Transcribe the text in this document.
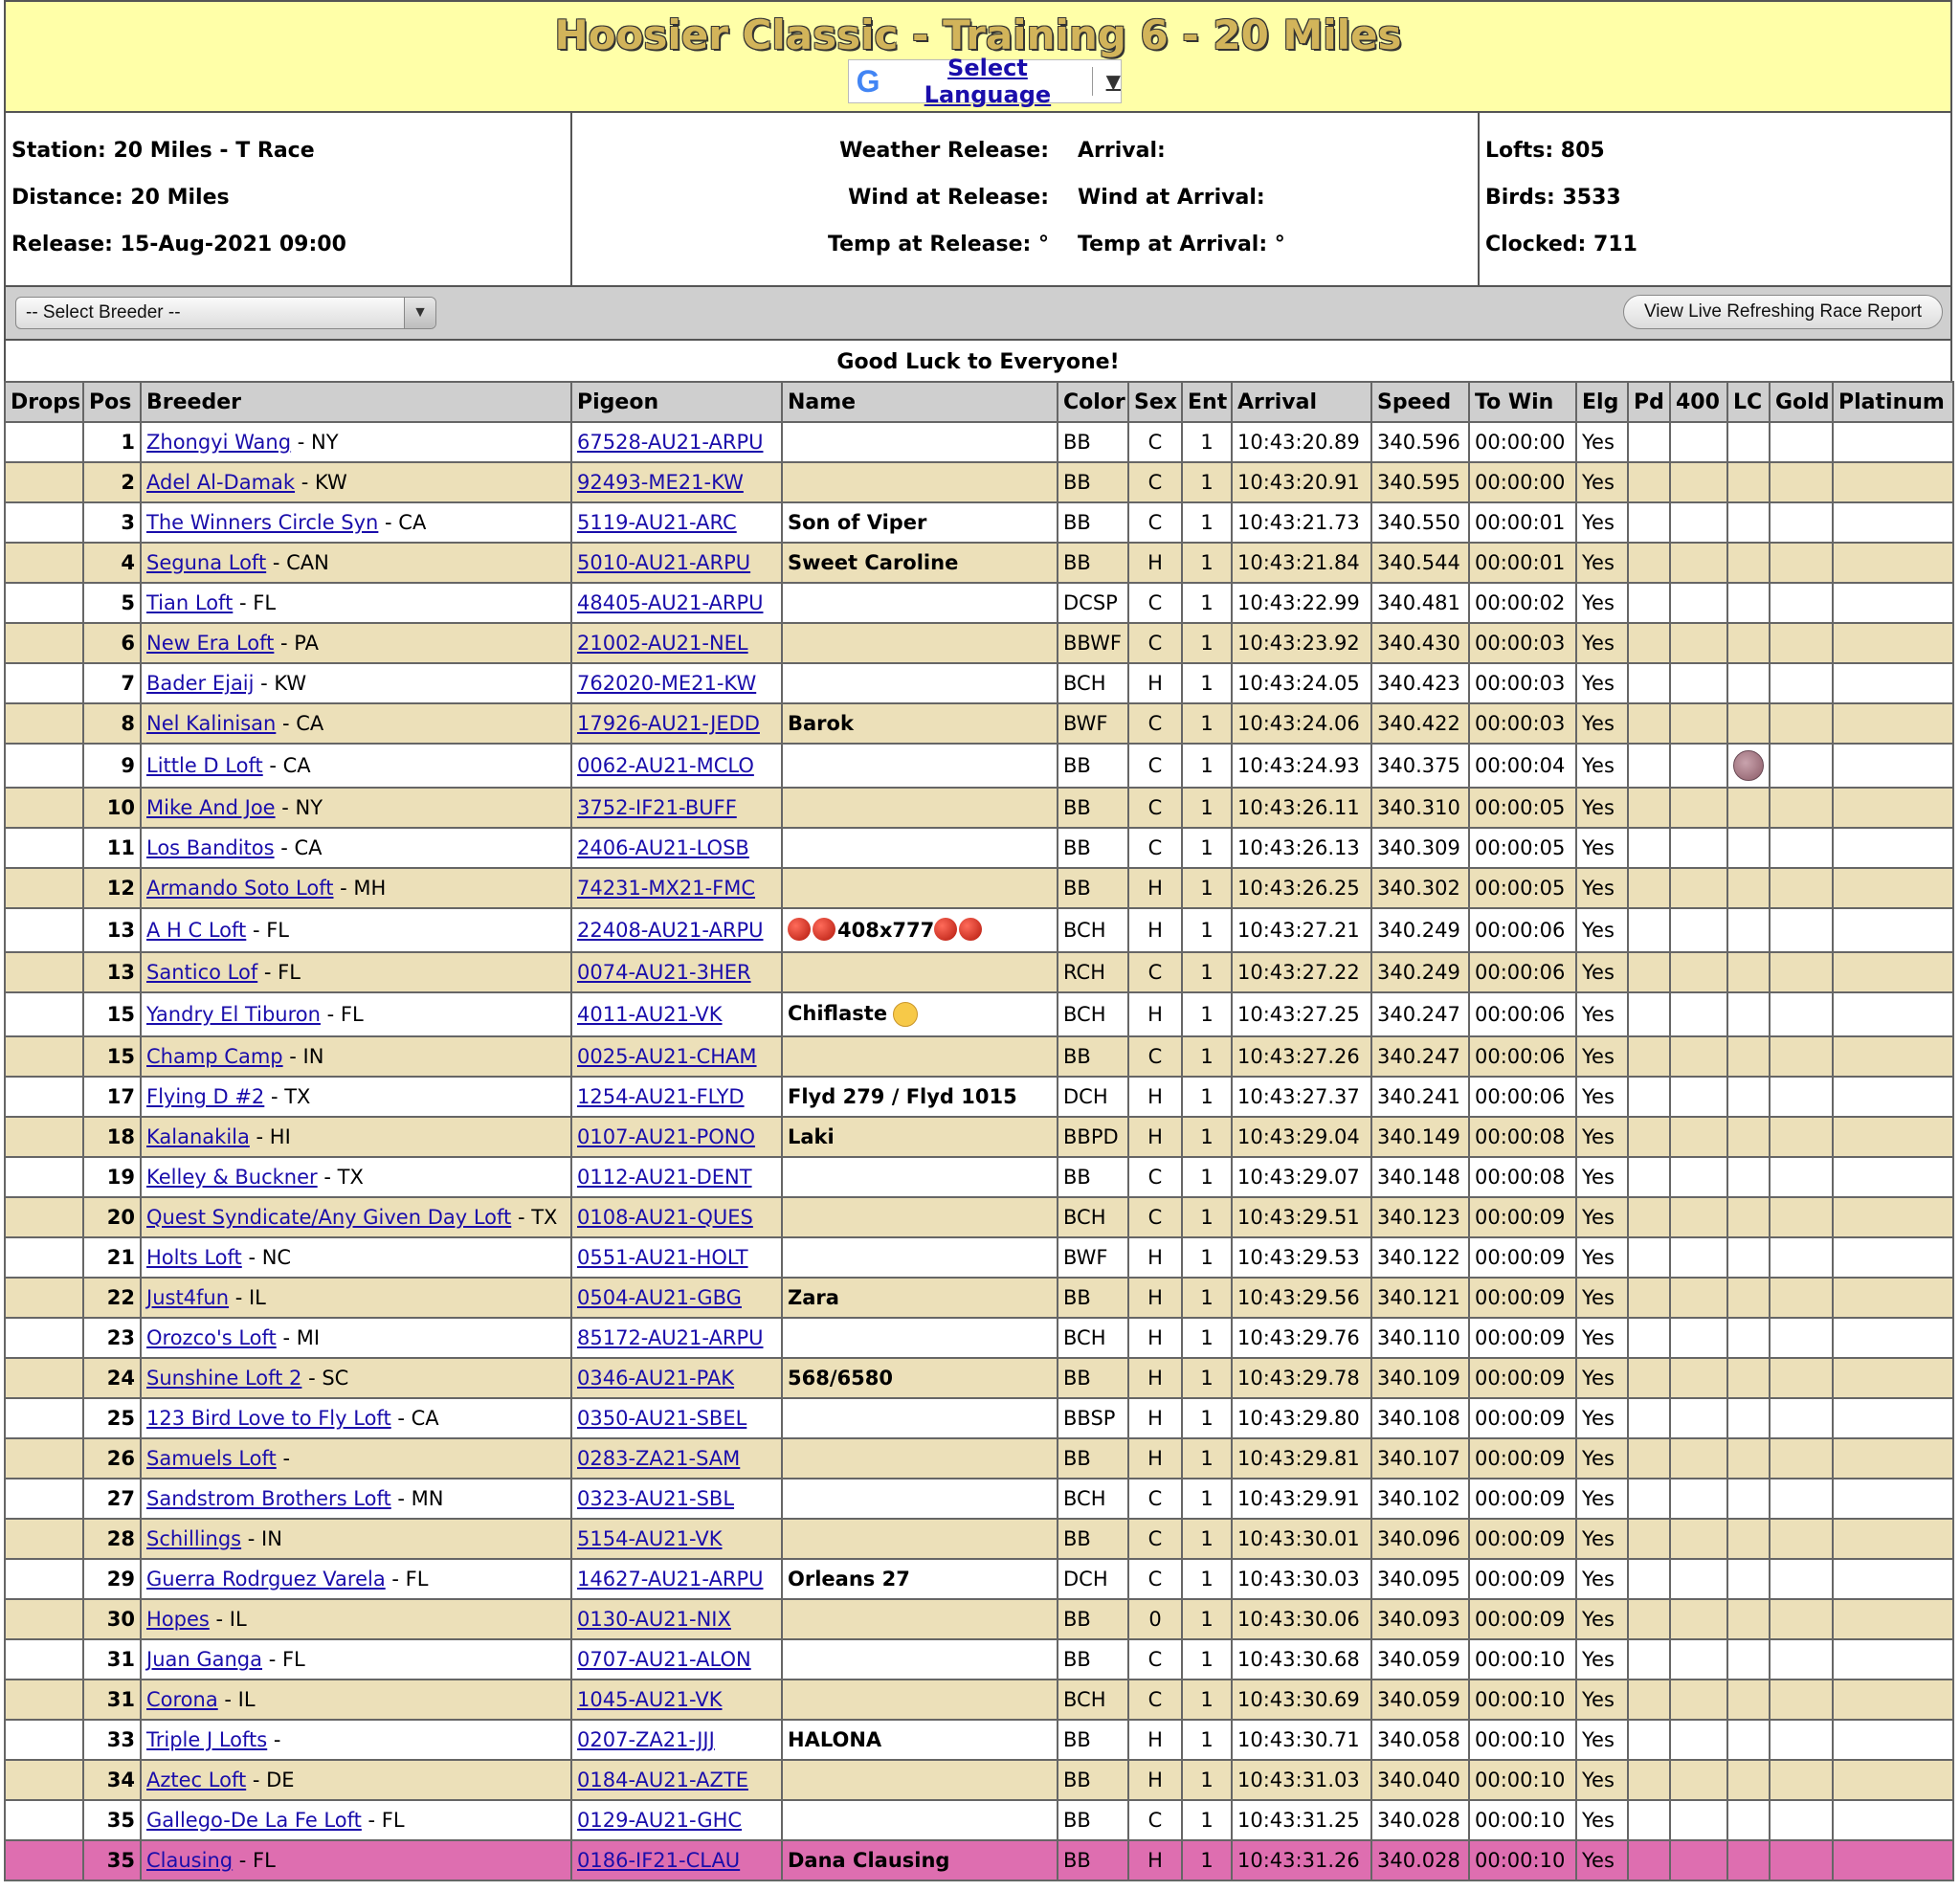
Hoosier Classic - Training 6 - 20 Miles
G	Select Language	▼
Station: 20 Miles - T Race
Distance: 20 Miles
Release: 15-Aug-2021 09:00
Weather Release:	Arrival:
Wind at Release:	Wind at Arrival:
Temp at Release: °	Temp at Arrival: °
Lofts: 805
Birds: 3533
Clocked: 711
-- Select Breeder --	▼	View Live Refreshing Race Report
Good Luck to Everyone!
Drops	Pos	Breeder	Pigeon	Name	Color	Sex	Ent	Arrival	Speed	To Win	Elg	Pd	400	LC	Gold	Platinum
	1	Zhongyi Wang - NY	67528-AU21-ARPU		BB	C	1	10:43:20.89	340.596	00:00:00	Yes					
	2	Adel Al-Damak - KW	92493-ME21-KW		BB	C	1	10:43:20.91	340.595	00:00:00	Yes					
	3	The Winners Circle Syn - CA	5119-AU21-ARC	Son of Viper	BB	C	1	10:43:21.73	340.550	00:00:01	Yes					
	4	Seguna Loft - CAN	5010-AU21-ARPU	Sweet Caroline	BB	H	1	10:43:21.84	340.544	00:00:01	Yes					
	5	Tian Loft - FL	48405-AU21-ARPU		DCSP	C	1	10:43:22.99	340.481	00:00:02	Yes					
	6	New Era Loft - PA	21002-AU21-NEL		BBWF	C	1	10:43:23.92	340.430	00:00:03	Yes					
	7	Bader Ejaij - KW	762020-ME21-KW		BCH	H	1	10:43:24.05	340.423	00:00:03	Yes					
	8	Nel Kalinisan - CA	17926-AU21-JEDD	Barok	BWF	C	1	10:43:24.06	340.422	00:00:03	Yes					
	9	Little D Loft - CA	0062-AU21-MCLO		BB	C	1	10:43:24.93	340.375	00:00:04	Yes					
	10	Mike And Joe - NY	3752-IF21-BUFF		BB	C	1	10:43:26.11	340.310	00:00:05	Yes					
	11	Los Banditos - CA	2406-AU21-LOSB		BB	C	1	10:43:26.13	340.309	00:00:05	Yes					
	12	Armando Soto Loft - MH	74231-MX21-FMC		BB	H	1	10:43:26.25	340.302	00:00:05	Yes					
	13	A H C Loft - FL	22408-AU21-ARPU	408x777	BCH	H	1	10:43:27.21	340.249	00:00:06	Yes					
	13	Santico Lof - FL	0074-AU21-3HER		RCH	C	1	10:43:27.22	340.249	00:00:06	Yes					
	15	Yandry El Tiburon - FL	4011-AU21-VK	Chiflaste	BCH	H	1	10:43:27.25	340.247	00:00:06	Yes					
	15	Champ Camp - IN	0025-AU21-CHAM		BB	C	1	10:43:27.26	340.247	00:00:06	Yes					
	17	Flying D #2 - TX	1254-AU21-FLYD	Flyd 279 / Flyd 1015	DCH	H	1	10:43:27.37	340.241	00:00:06	Yes					
	18	Kalanakila - HI	0107-AU21-PONO	Laki	BBPD	H	1	10:43:29.04	340.149	00:00:08	Yes					
	19	Kelley & Buckner - TX	0112-AU21-DENT		BB	C	1	10:43:29.07	340.148	00:00:08	Yes					
	20	Quest Syndicate/Any Given Day Loft - TX	0108-AU21-QUES		BCH	C	1	10:43:29.51	340.123	00:00:09	Yes					
	21	Holts Loft - NC	0551-AU21-HOLT		BWF	H	1	10:43:29.53	340.122	00:00:09	Yes					
	22	Just4fun - IL	0504-AU21-GBG	Zara	BB	H	1	10:43:29.56	340.121	00:00:09	Yes					
	23	Orozco's Loft - MI	85172-AU21-ARPU		BCH	H	1	10:43:29.76	340.110	00:00:09	Yes					
	24	Sunshine Loft 2 - SC	0346-AU21-PAK	568/6580	BB	H	1	10:43:29.78	340.109	00:00:09	Yes					
	25	123 Bird Love to Fly Loft - CA	0350-AU21-SBEL		BBSP	H	1	10:43:29.80	340.108	00:00:09	Yes					
	26	Samuels Loft -	0283-ZA21-SAM		BB	H	1	10:43:29.81	340.107	00:00:09	Yes					
	27	Sandstrom Brothers Loft - MN	0323-AU21-SBL		BCH	C	1	10:43:29.91	340.102	00:00:09	Yes					
	28	Schillings - IN	5154-AU21-VK		BB	C	1	10:43:30.01	340.096	00:00:09	Yes					
	29	Guerra Rodrguez Varela - FL	14627-AU21-ARPU	Orleans 27	DCH	C	1	10:43:30.03	340.095	00:00:09	Yes					
	30	Hopes - IL	0130-AU21-NIX		BB	0	1	10:43:30.06	340.093	00:00:09	Yes					
	31	Juan Ganga - FL	0707-AU21-ALON		BB	C	1	10:43:30.68	340.059	00:00:10	Yes					
	31	Corona - IL	1045-AU21-VK		BCH	C	1	10:43:30.69	340.059	00:00:10	Yes					
	33	Triple J Lofts -	0207-ZA21-JJJ	HALONA	BB	H	1	10:43:30.71	340.058	00:00:10	Yes					
	34	Aztec Loft - DE	0184-AU21-AZTE		BB	H	1	10:43:31.03	340.040	00:00:10	Yes					
	35	Gallego-De La Fe Loft - FL	0129-AU21-GHC		BB	C	1	10:43:31.25	340.028	00:00:10	Yes					
	35	Clausing - FL	0186-IF21-CLAU	Dana Clausing	BB	H	1	10:43:31.26	340.028	00:00:10	Yes					
